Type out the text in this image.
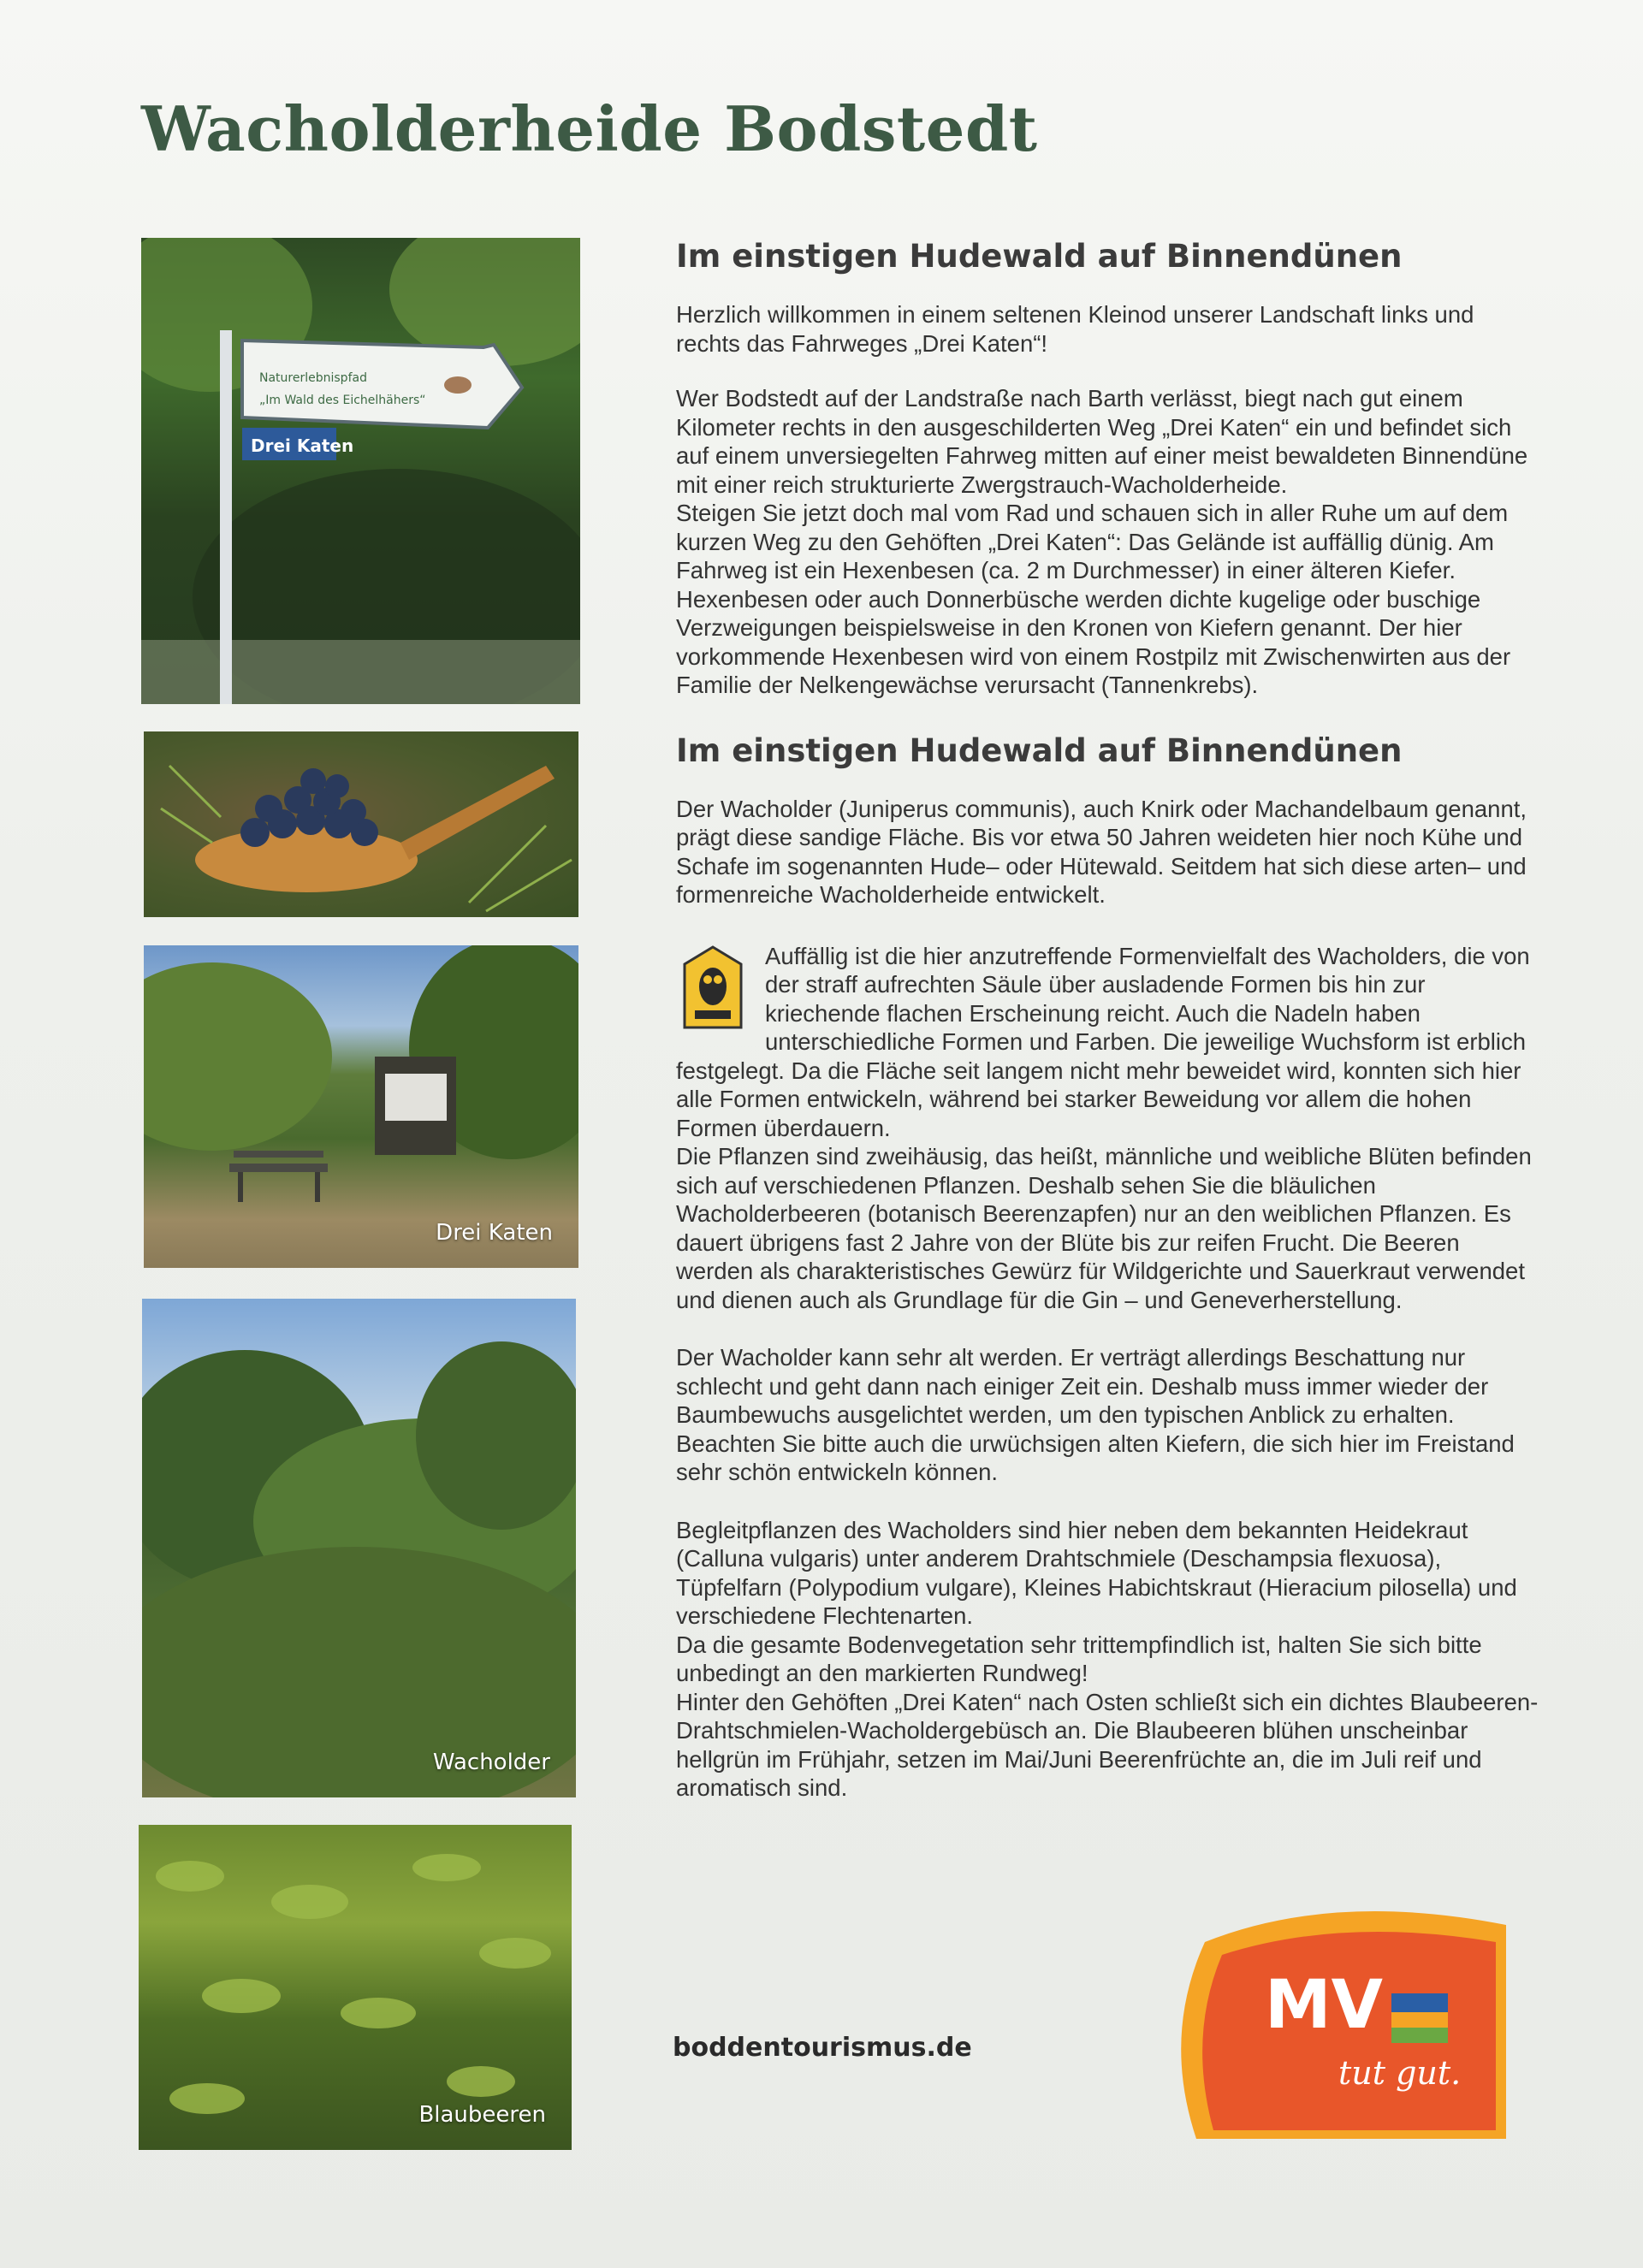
Wacholderheide Bodstedt
Naturerlebnispfad
„Im Wald des Eichelhähers“
Drei Katen
Drei Katen
Wacholder
Blaubeeren
Im einstigen Hudewald auf Binnendünen

Herzlich willkommen in einem seltenen Kleinod unserer Landschaft links und rechts das Fahrweges „Drei Katen“!

Wer Bodstedt auf der Landstraße nach Barth verlässt, biegt nach gut einem Kilometer rechts in den ausgeschilderten Weg „Drei Katen“ ein und befindet sich auf einem unversiegelten Fahrweg mitten auf einer meist bewaldeten Binnendüne mit einer reich strukturierte Zwergstrauch-Wacholderheide.

Steigen Sie jetzt doch mal vom Rad und schauen sich in aller Ruhe um auf dem kurzen Weg zu den Gehöften „Drei Katen“: Das Gelände ist auffällig dünig. Am Fahrweg ist ein Hexenbesen (ca. 2 m Durchmesser) in einer älteren Kiefer. Hexenbesen oder auch Donnerbüsche werden dichte kugelige oder buschige Verzweigungen beispielsweise in den Kronen von Kiefern genannt. Der hier vorkommende Hexenbesen wird von einem Rostpilz mit Zwischenwirten aus der Familie der Nelkengewächse verursacht (Tannenkrebs).

Im einstigen Hudewald auf Binnendünen

Der Wacholder (Juniperus communis), auch Knirk oder Machandelbaum genannt, prägt diese sandige Fläche. Bis vor etwa 50 Jahren weideten hier noch Kühe und Schafe im sogenannten Hude– oder Hütewald. Seitdem hat sich diese arten– und formenreiche Wacholderheide entwickelt.

Auffällig ist die hier anzutreffende Formenvielfalt des Wacholders, die von der straff aufrechten Säule über ausladende Formen bis hin zur kriechende flachen Erscheinung reicht. Auch die Nadeln haben unterschiedliche Formen und Farben. Die jeweilige Wuchsform ist erblich festgelegt. Da die Fläche seit langem nicht mehr beweidet wird, konnten sich hier alle Formen entwickeln, während bei starker Beweidung vor allem die hohen Formen überdauern.

Die Pflanzen sind zweihäusig, das heißt, männliche und weibliche Blüten befinden sich auf verschiedenen Pflanzen. Deshalb sehen Sie die bläulichen Wacholderbeeren (botanisch Beerenzapfen) nur an den weiblichen Pflanzen. Es dauert übrigens fast 2 Jahre von der Blüte bis zur reifen Frucht. Die Beeren werden als charakteristisches Gewürz für Wildgerichte und Sauerkraut verwendet und dienen auch als Grundlage für die Gin – und Geneverherstellung.

Der Wacholder kann sehr alt werden. Er verträgt allerdings Beschattung nur schlecht und geht dann nach einiger Zeit ein. Deshalb muss immer wieder der Baumbewuchs ausgelichtet werden, um den typischen Anblick zu erhalten. Beachten Sie bitte auch die urwüchsigen alten Kiefern, die sich hier im Freistand sehr schön entwickeln können.

Begleitpflanzen des Wacholders sind hier neben dem bekannten Heidekraut (Calluna vulgaris) unter anderem Drahtschmiele (Deschampsia flexuosa), Tüpfelfarn (Polypodium vulgare), Kleines Habichtskraut (Hieracium pilosella) und verschiedene Flechtenarten.

Da die gesamte Bodenvegetation sehr trittempfindlich ist, halten Sie sich bitte unbedingt an den markierten Rundweg!

Hinter den Gehöften „Drei Katen“ nach Osten schließt sich ein dichtes Blaubeeren-Drahtschmielen-Wacholdergebüsch an. Die Blaubeeren blühen unscheinbar hellgrün im Frühjahr, setzen im Mai/Juni Beerenfrüchte an, die im Juli reif und aromatisch sind.

boddentourismus.de
MV
tut gut.
